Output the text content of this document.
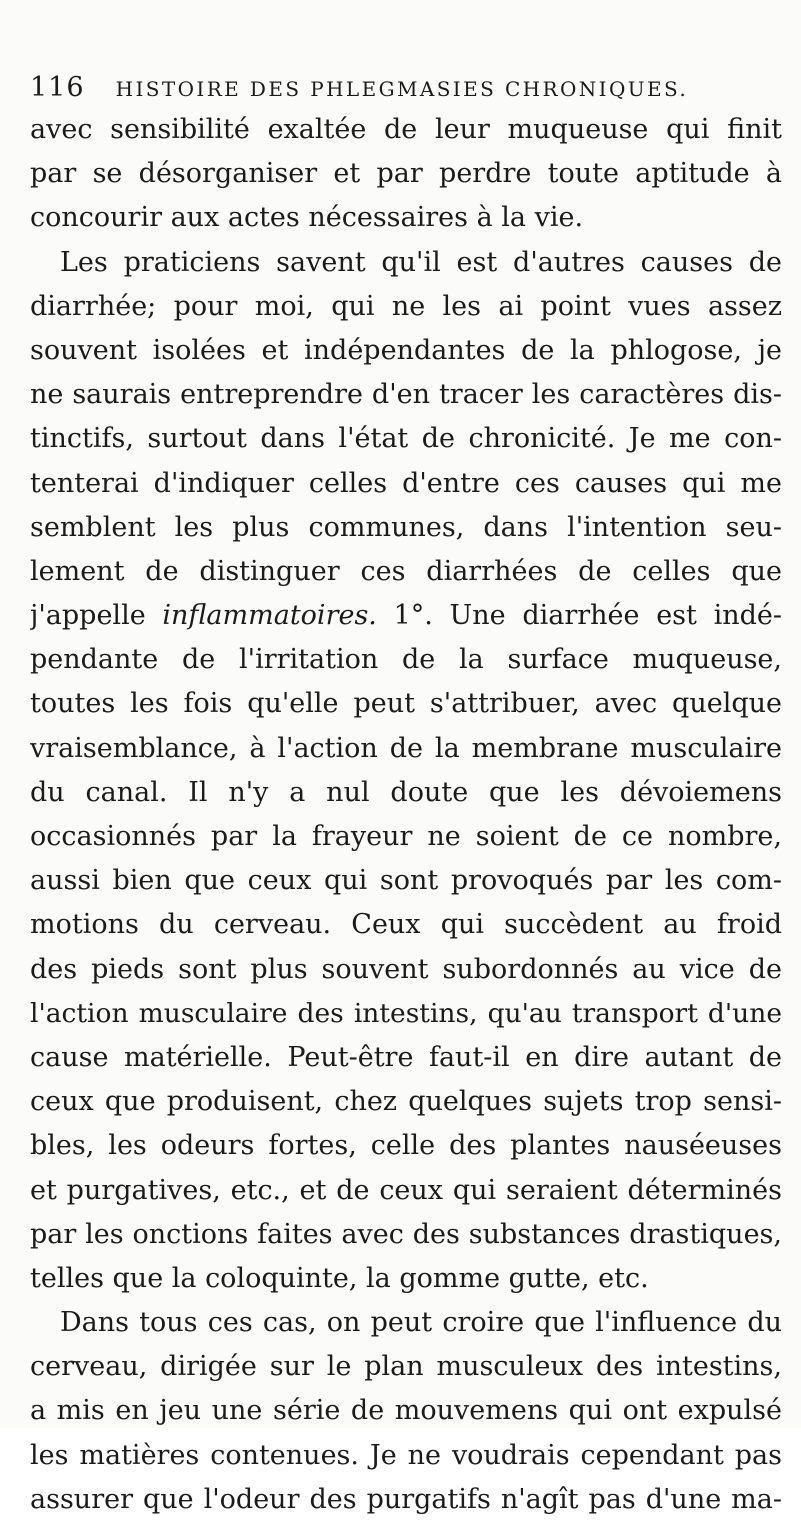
116 HISTOIRE DES PHLEGMASIES CHRONIQUES.
avec sensibilité exaltée de leur muqueuse qui finit
par se désorganiser et par perdre toute aptitude à
concourir aux actes nécessaires à la vie.
Les praticiens savent qu'il est d'autres causes de
diarrhée; pour moi, qui ne les ai point vues assez
souvent isolées et indépendantes de la phlogose, je
ne saurais entreprendre d'en tracer les caractères dis-
tinctifs, surtout dans l'état de chronicité. Je me con-
tenterai d'indiquer celles d'entre ces causes qui me
semblent les plus communes, dans l'intention seu-
lement de distinguer ces diarrhées de celles que
j'appelle inflammatoires. 1°. Une diarrhée est indé-
pendante de l'irritation de la surface muqueuse,
toutes les fois qu'elle peut s'attribuer, avec quelque
vraisemblance, à l'action de la membrane musculaire
du canal. Il n'y a nul doute que les dévoiemens
occasionnés par la frayeur ne soient de ce nombre,
aussi bien que ceux qui sont provoqués par les com-
motions du cerveau. Ceux qui succèdent au froid
des pieds sont plus souvent subordonnés au vice de
l'action musculaire des intestins, qu'au transport d'une
cause matérielle. Peut-être faut-il en dire autant de
ceux que produisent, chez quelques sujets trop sensi-
bles, les odeurs fortes, celle des plantes nauséeuses
et purgatives, etc., et de ceux qui seraient déterminés
par les onctions faites avec des substances drastiques,
telles que la coloquinte, la gomme gutte, etc.
Dans tous ces cas, on peut croire que l'influence du
cerveau, dirigée sur le plan musculeux des intestins,
a mis en jeu une série de mouvemens qui ont expulsé
les matières contenues. Je ne voudrais cependant pas
assurer que l'odeur des purgatifs n'agît pas d'une ma-
